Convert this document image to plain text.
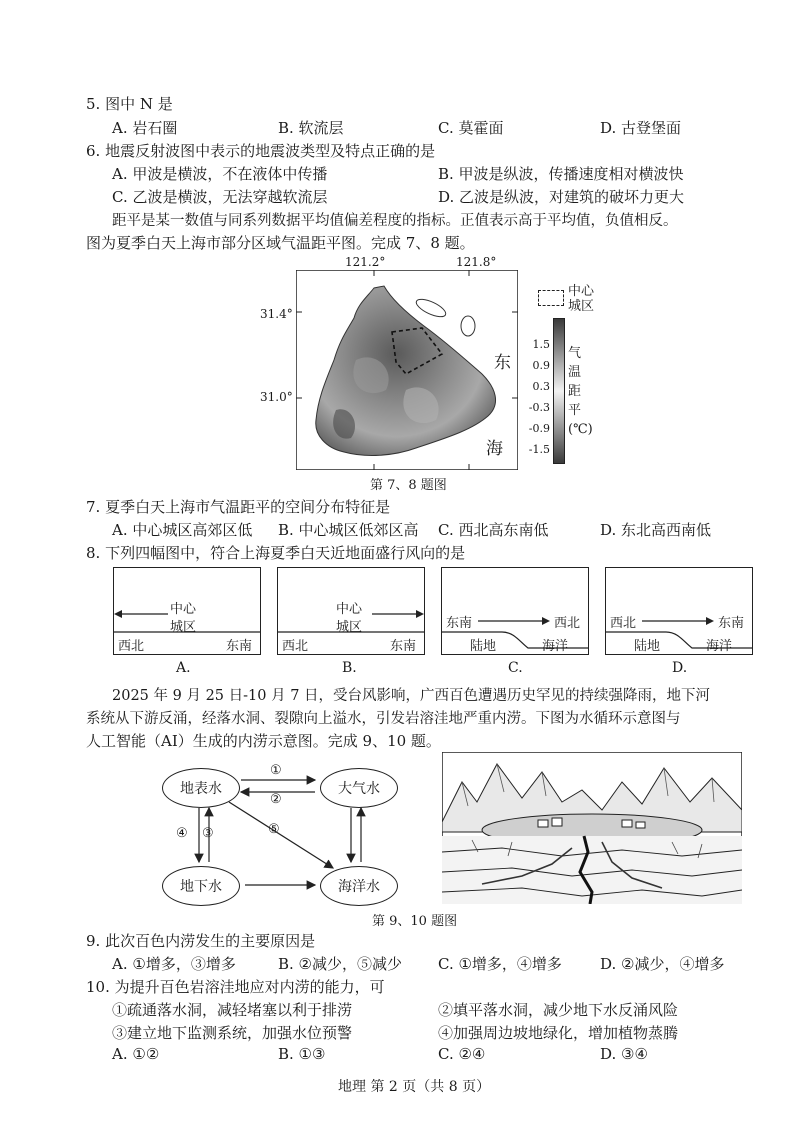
5. 图中 N 是
A. 岩石圈	B. 软流层	C. 莫霍面	D. 古登堡面
6. 地震反射波图中表示的地震波类型及特点正确的是
A. 甲波是横波，不在液体中传播	B. 甲波是纵波，传播速度相对横波快
C. 乙波是横波，无法穿越软流层	D. 乙波是纵波，对建筑的破坏力更大
距平是某一数值与同系列数据平均值偏差程度的指标。正值表示高于平均值，负值相反。
图为夏季白天上海市部分区域气温距平图。完成 7、8 题。
121.2°	121.8°
31.4°
31.0°
东
海
中心
城区
1.5
0.9
0.3
-0.3
-0.9
-1.5
气
温
距
平
(℃)
第 7、8 题图
7. 夏季白天上海市气温距平的空间分布特征是
A. 中心城区高郊区低 B. 中心城区低郊区高 C. 西北高东南低	D. 东北高西南低
8. 下列四幅图中，符合上海夏季白天近地面盛行风向的是
中心
城区
西北	东南
A.
中心
城区
西北	东南
B.
东南	西北
陆地	海洋
C.
西北	东南
陆地	海洋
D.
2025 年 9 月 25 日-10 月 7 日，受台风影响，广西百色遭遇历史罕见的持续强降雨，地下河
系统从下游反涌，经落水洞、裂隙向上溢水，引发岩溶洼地严重内涝。下图为水循环示意图与
人工智能（AI）生成的内涝示意图。完成 9、10 题。
地表水	大气水
地下水	海洋水
①
②
④ ③	⑤
第 9、10 题图
9. 此次百色内涝发生的主要原因是
A. ①增多，③增多	B. ②减少，⑤减少 C. ①增多，④增多	D. ②减少，④增多
10. 为提升百色岩溶洼地应对内涝的能力，可
①疏通落水洞，减轻堵塞以利于排涝	②填平落水洞，减少地下水反涌风险
③建立地下监测系统，加强水位预警	④加强周边坡地绿化，增加植物蒸腾
A. ①②	B. ①③	C. ②④	D. ③④
地理 第 2 页（共 8 页）
